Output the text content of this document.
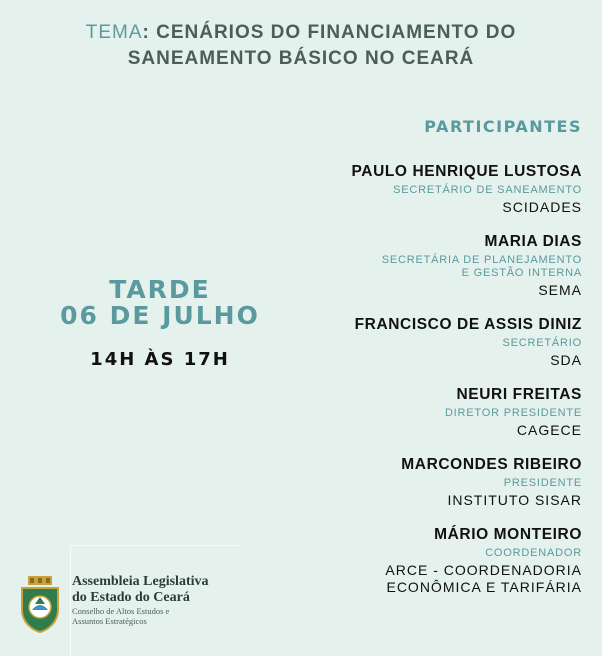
TEMA: CENÁRIOS DO FINANCIAMENTO DO
SANEAMENTO BÁSICO NO CEARÁ
PARTICIPANTES
PAULO HENRIQUE LUSTOSA
SECRETÁRIO DE SANEAMENTO
SCIDADES
MARIA DIAS
SECRETÁRIA DE PLANEJAMENTO
E GESTÃO INTERNA
SEMA
FRANCISCO DE ASSIS DINIZ
SECRETÁRIO
SDA
NEURI FREITAS
DIRETOR PRESIDENTE
CAGECE
MARCONDES RIBEIRO
PRESIDENTE
INSTITUTO SISAR
MÁRIO MONTEIRO
COORDENADOR
ARCE - COORDENADORIA
ECONÔMICA E TARIFÁRIA
TARDE
06 DE JULHO
14H ÀS 17H
Assembleia Legislativa
do Estado do Ceará
Conselho de Altos Estudos e
Assuntos Estratégicos
